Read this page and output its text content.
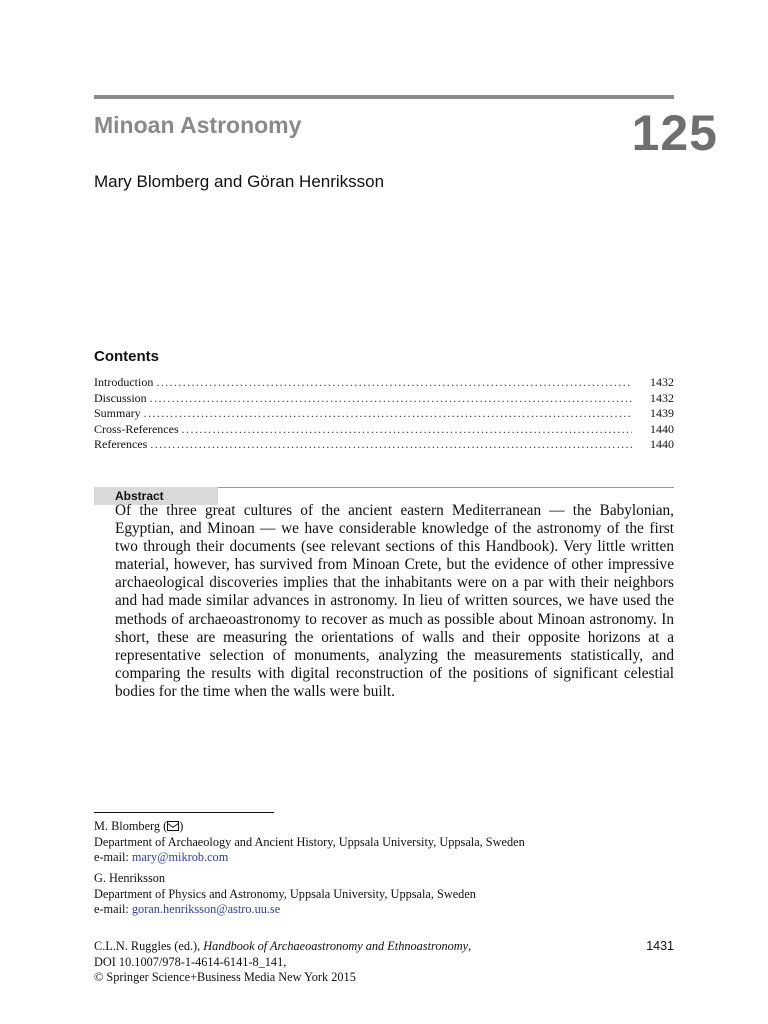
Minoan Astronomy	125
Mary Blomberg and Göran Henriksson
Contents
Introduction .....	1432
Discussion .....	1432
Summary .....	1439
Cross-References .....	1440
References .....	1440
Abstract
Of the three great cultures of the ancient eastern Mediterranean — the Babylonian, Egyptian, and Minoan — we have considerable knowledge of the astronomy of the first two through their documents (see relevant sections of this Handbook). Very little written material, however, has survived from Minoan Crete, but the evidence of other impressive archaeological discoveries implies that the inhabitants were on a par with their neighbors and had made similar advances in astronomy. In lieu of written sources, we have used the methods of archaeoastronomy to recover as much as possible about Minoan astronomy. In short, these are measuring the orientations of walls and their opposite horizons at a representative selection of monuments, analyzing the measurements statistically, and comparing the results with digital reconstruction of the positions of significant celestial bodies for the time when the walls were built.
M. Blomberg ( )
Department of Archaeology and Ancient History, Uppsala University, Uppsala, Sweden
e-mail: mary@mikrob.com
G. Henriksson
Department of Physics and Astronomy, Uppsala University, Uppsala, Sweden
e-mail: goran.henriksson@astro.uu.se
C.L.N. Ruggles (ed.), Handbook of Archaeoastronomy and Ethnoastronomy,
DOI 10.1007/978-1-4614-6141-8_141,
© Springer Science+Business Media New York 2015
1431
